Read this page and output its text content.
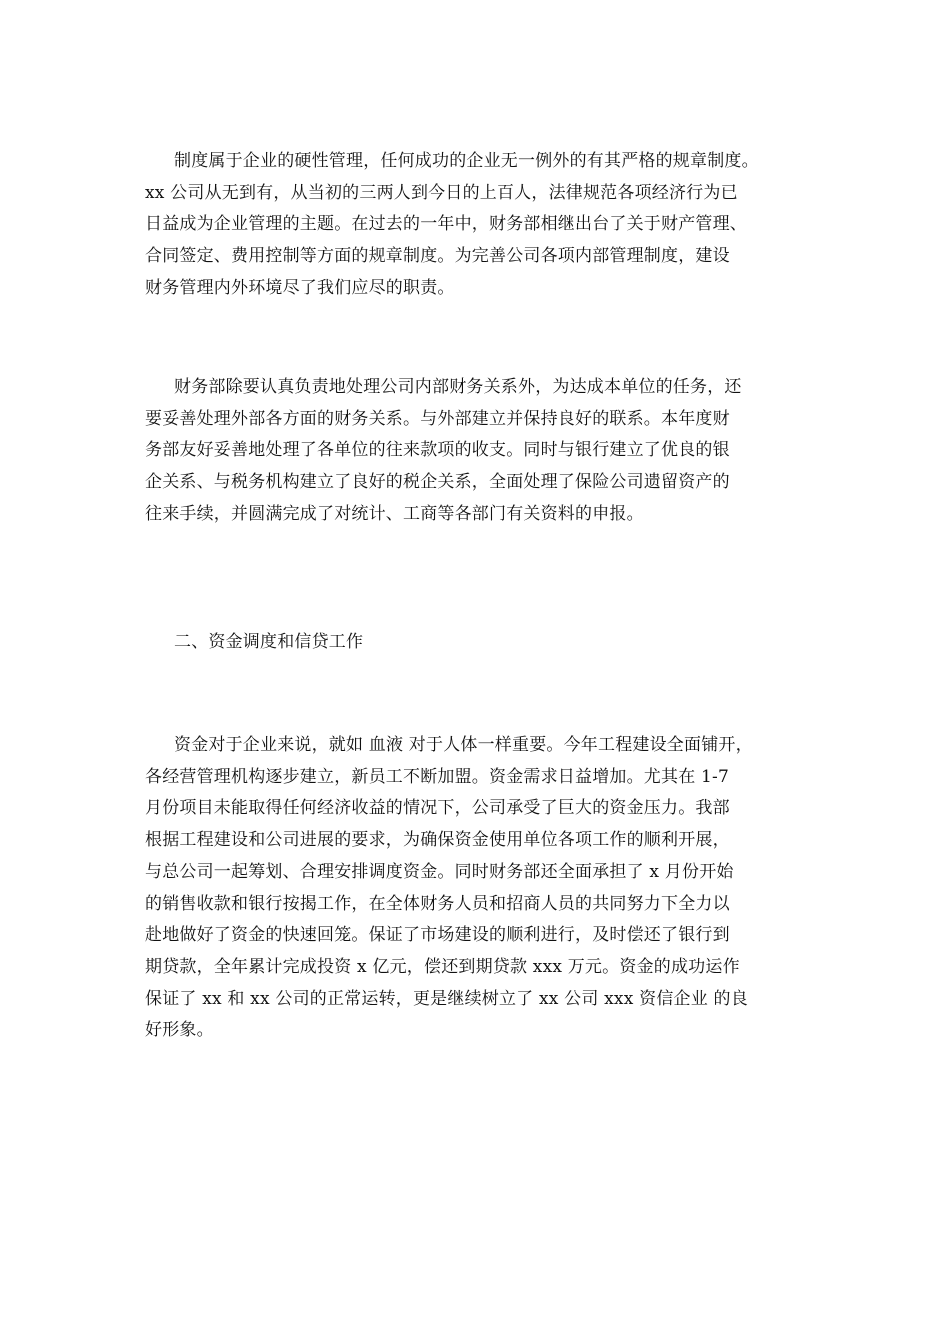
制度属于企业的硬性管理，任何成功的企业无一例外的有其严格的规章制度。
xx 公司从无到有，从当初的三两人到今日的上百人，法律规范各项经济行为已
日益成为企业管理的主题。在过去的一年中，财务部相继出台了关于财产管理、
合同签定、费用控制等方面的规章制度。为完善公司各项内部管理制度，建设
财务管理内外环境尽了我们应尽的职责。
财务部除要认真负责地处理公司内部财务关系外，为达成本单位的任务，还
要妥善处理外部各方面的财务关系。与外部建立并保持良好的联系。本年度财
务部友好妥善地处理了各单位的往来款项的收支。同时与银行建立了优良的银
企关系、与税务机构建立了良好的税企关系，全面处理了保险公司遗留资产的
往来手续，并圆满完成了对统计、工商等各部门有关资料的申报。
二、资金调度和信贷工作
资金对于企业来说，就如 血液 对于人体一样重要。今年工程建设全面铺开，
各经营管理机构逐步建立，新员工不断加盟。资金需求日益增加。尤其在 1-7
月份项目未能取得任何经济收益的情况下，公司承受了巨大的资金压力。我部
根据工程建设和公司进展的要求，为确保资金使用单位各项工作的顺利开展，
与总公司一起筹划、合理安排调度资金。同时财务部还全面承担了 x 月份开始
的销售收款和银行按揭工作，在全体财务人员和招商人员的共同努力下全力以
赴地做好了资金的快速回笼。保证了市场建设的顺利进行，及时偿还了银行到
期贷款，全年累计完成投资 x 亿元，偿还到期贷款 xxx 万元。资金的成功运作
保证了 xx 和 xx 公司的正常运转，更是继续树立了 xx 公司 xxx 资信企业 的良
好形象。
